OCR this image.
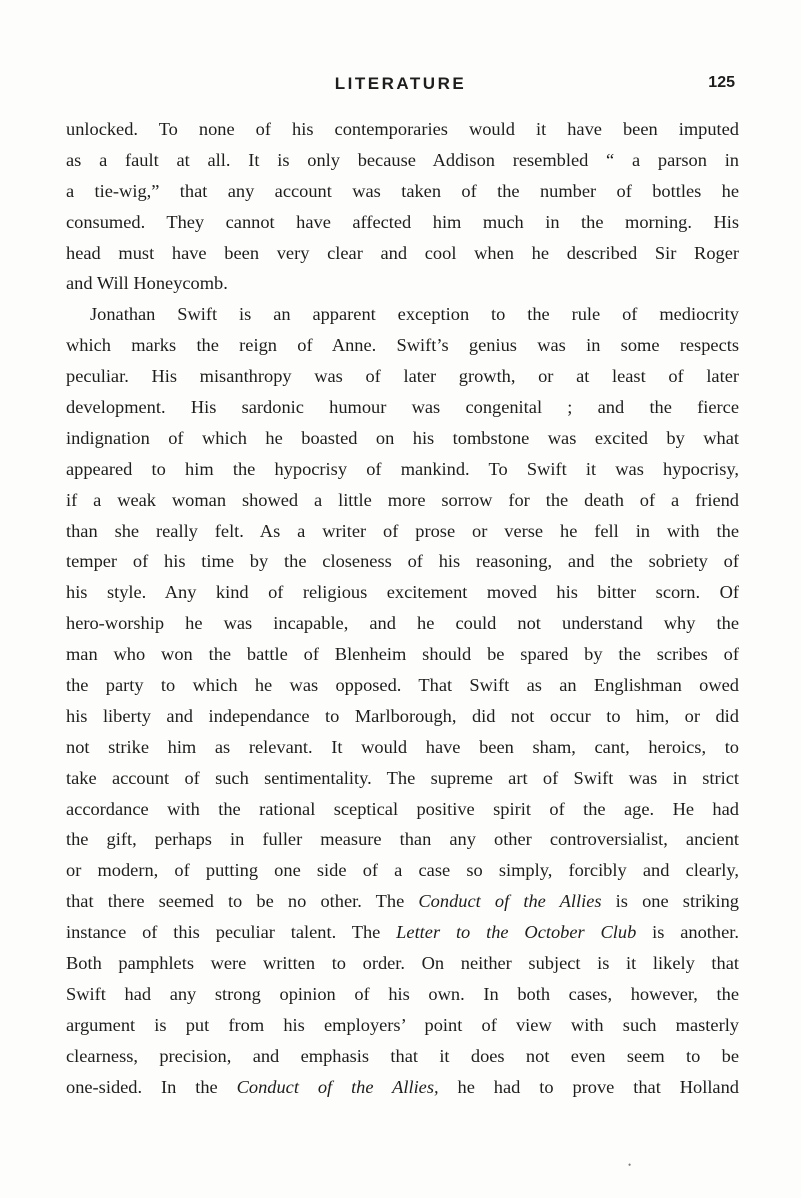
LITERATURE	125
unlocked. To none of his contemporaries would it have been imputed
as a fault at all. It is only because Addison resembled “ a parson in
a tie-wig,” that any account was taken of the number of bottles he
consumed. They cannot have affected him much in the morning. His
head must have been very clear and cool when he described Sir Roger
and Will Honeycomb.
Jonathan Swift is an apparent exception to the rule of mediocrity
which marks the reign of Anne. Swift’s genius was in some respects
peculiar. His misanthropy was of later growth, or at least of later
development. His sardonic humour was congenital ; and the fierce
indignation of which he boasted on his tombstone was excited by what
appeared to him the hypocrisy of mankind. To Swift it was hypocrisy,
if a weak woman showed a little more sorrow for the death of a friend
than she really felt. As a writer of prose or verse he fell in with the
temper of his time by the closeness of his reasoning, and the sobriety of
his style. Any kind of religious excitement moved his bitter scorn. Of
hero-worship he was incapable, and he could not understand why the
man who won the battle of Blenheim should be spared by the scribes of
the party to which he was opposed. That Swift as an Englishman owed
his liberty and independance to Marlborough, did not occur to him, or did
not strike him as relevant. It would have been sham, cant, heroics, to
take account of such sentimentality. The supreme art of Swift was in strict
accordance with the rational sceptical positive spirit of the age. He had
the gift, perhaps in fuller measure than any other controversialist, ancient
or modern, of putting one side of a case so simply, forcibly and clearly,
that there seemed to be no other. The Conduct of the Allies is one striking
instance of this peculiar talent. The Letter to the October Club is another.
Both pamphlets were written to order. On neither subject is it likely that
Swift had any strong opinion of his own. In both cases, however, the
argument is put from his employers’ point of view with such masterly
clearness, precision, and emphasis that it does not even seem to be
one-sided. In the Conduct of the Allies, he had to prove that Holland
•
